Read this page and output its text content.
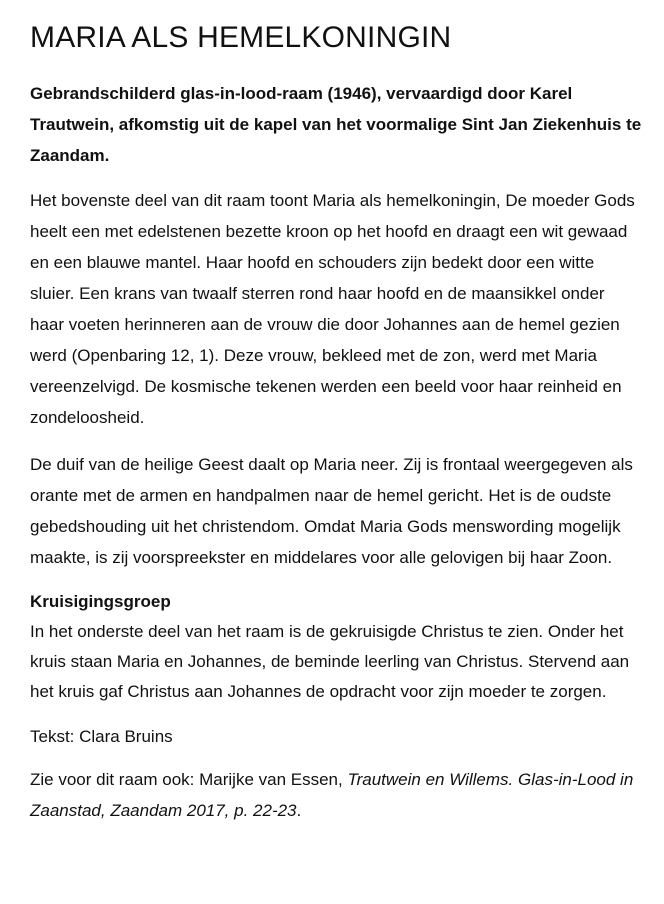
MARIA ALS HEMELKONINGIN

Gebrandschilderd glas-in-lood-raam (1946), vervaardigd door Karel Trautwein, afkomstig uit de kapel van het voormalige Sint Jan Ziekenhuis te Zaandam.

Het bovenste deel van dit raam toont Maria als hemelkoningin, De moeder Gods heelt een met edelstenen bezette kroon op het hoofd en draagt een wit gewaad en een blauwe mantel. Haar hoofd en schouders zijn bedekt door een witte sluier. Een krans van twaalf sterren rond haar hoofd en de maansikkel onder haar voeten herinneren aan de vrouw die door Johannes aan de hemel gezien werd (Openbaring 12, 1). Deze vrouw, bekleed met de zon, werd met Maria vereenzelvigd. De kosmische tekenen werden een beeld voor haar reinheid en zondeloosheid.

De duif van de heilige Geest daalt op Maria neer. Zij is frontaal weergegeven als orante met de armen en handpalmen naar de hemel gericht. Het is de oudste gebedshouding uit het christendom. Omdat Maria Gods menswording mogelijk maakte, is zij voorspreekster en middelares voor alle gelovigen bij haar Zoon.

Kruisigingsgroep
In het onderste deel van het raam is de gekruisigde Christus te zien. Onder het kruis staan Maria en Johannes, de beminde leerling van Christus. Stervend aan het kruis gaf Christus aan Johannes de opdracht voor zijn moeder te zorgen.

Tekst: Clara Bruins

Zie voor dit raam ook: Marijke van Essen, Trautwein en Willems. Glas-in-Lood in Zaanstad, Zaandam 2017, p. 22-23.
